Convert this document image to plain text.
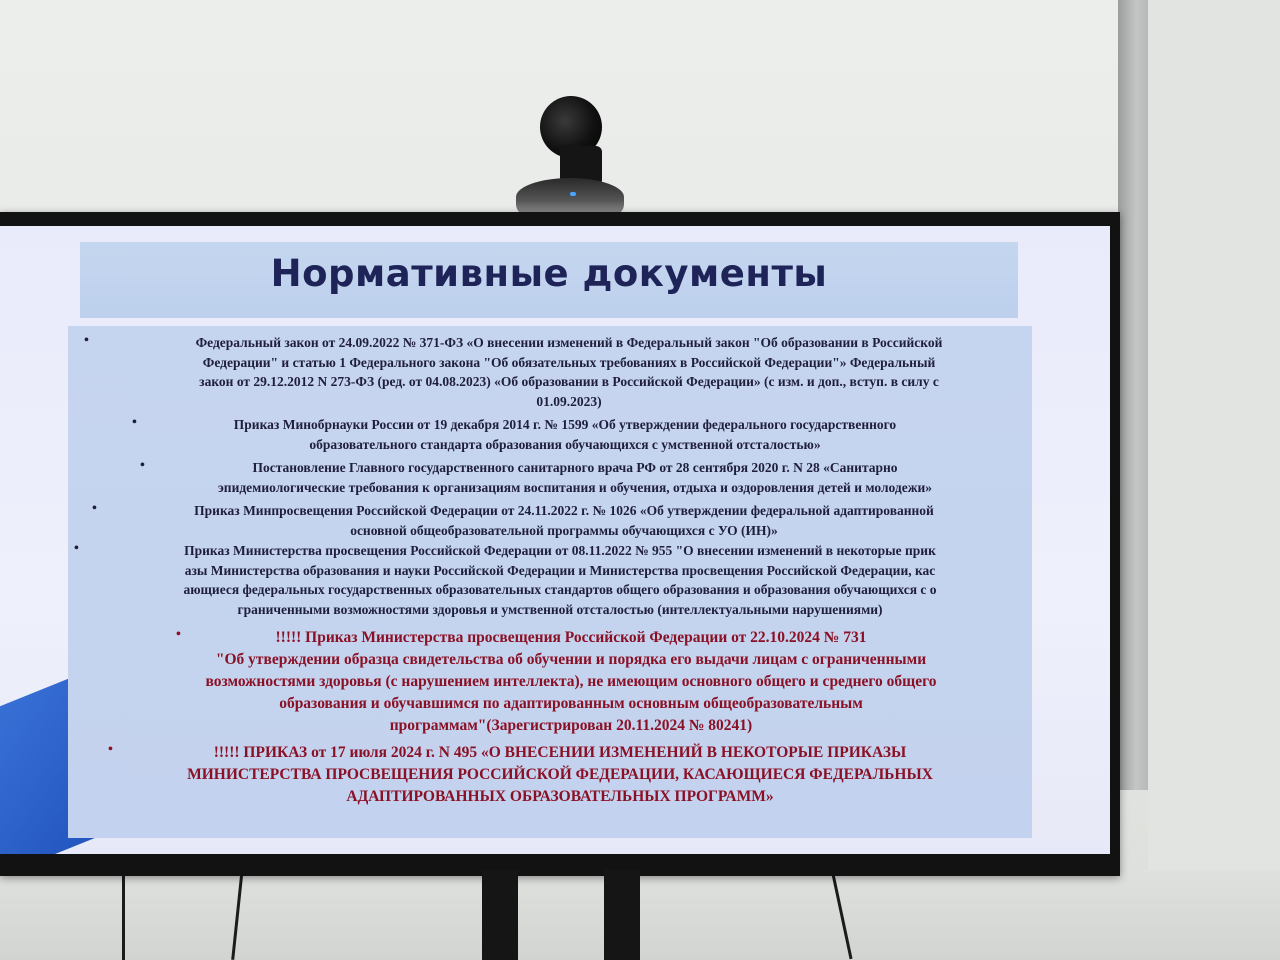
Нормативные документы
•	Федеральный закон от 24.09.2022 № 371-ФЗ «О внесении изменений в Федеральный закон "Об образовании в Российской
Федерации" и статью 1 Федерального закона "Об обязательных требованиях в Российской Федерации"» Федеральный
закон от 29.12.2012 N 273-ФЗ (ред. от 04.08.2023) «Об образовании в Российской Федерации» (с изм. и доп., вступ. в силу с
01.09.2023)
•	Приказ Минобрнауки России от 19 декабря 2014 г. № 1599 «Об утверждении федерального государственного
образовательного стандарта образования обучающихся с умственной отсталостью»
•	Постановление Главного государственного санитарного врача РФ от 28 сентября 2020 г. N 28 «Санитарно
эпидемиологические требования к организациям воспитания и обучения, отдыха и оздоровления детей и молодежи»
•	Приказ Минпросвещения Российской Федерации от 24.11.2022 г. № 1026 «Об утверждении федеральной адаптированной
основной общеобразовательной программы обучающихся с УО (ИН)»
•	Приказ Министерства просвещения Российской Федерации от 08.11.2022 № 955 "О внесении изменений в некоторые прик
азы Министерства образования и науки Российской Федерации и Министерства просвещения Российской Федерации, кас
ающиеся федеральных государственных образовательных стандартов общего образования и образования обучающихся с о
граниченными возможностями здоровья и умственной отсталостью (интеллектуальными нарушениями)
•	!!!!! Приказ Министерства просвещения Российской Федерации от 22.10.2024 № 731
"Об утверждении образца свидетельства об обучении и порядка его выдачи лицам с ограниченными
возможностями здоровья (с нарушением интеллекта), не имеющим основного общего и среднего общего
образования и обучавшимся по адаптированным основным общеобразовательным
программам"(Зарегистрирован 20.11.2024 № 80241)
•	!!!!! ПРИКАЗ от 17 июля 2024 г. N 495 «О ВНЕСЕНИИ ИЗМЕНЕНИЙ В НЕКОТОРЫЕ ПРИКАЗЫ
МИНИСТЕРСТВА ПРОСВЕЩЕНИЯ РОССИЙСКОЙ ФЕДЕРАЦИИ, КАСАЮЩИЕСЯ ФЕДЕРАЛЬНЫХ
АДАПТИРОВАННЫХ ОБРАЗОВАТЕЛЬНЫХ ПРОГРАММ»
